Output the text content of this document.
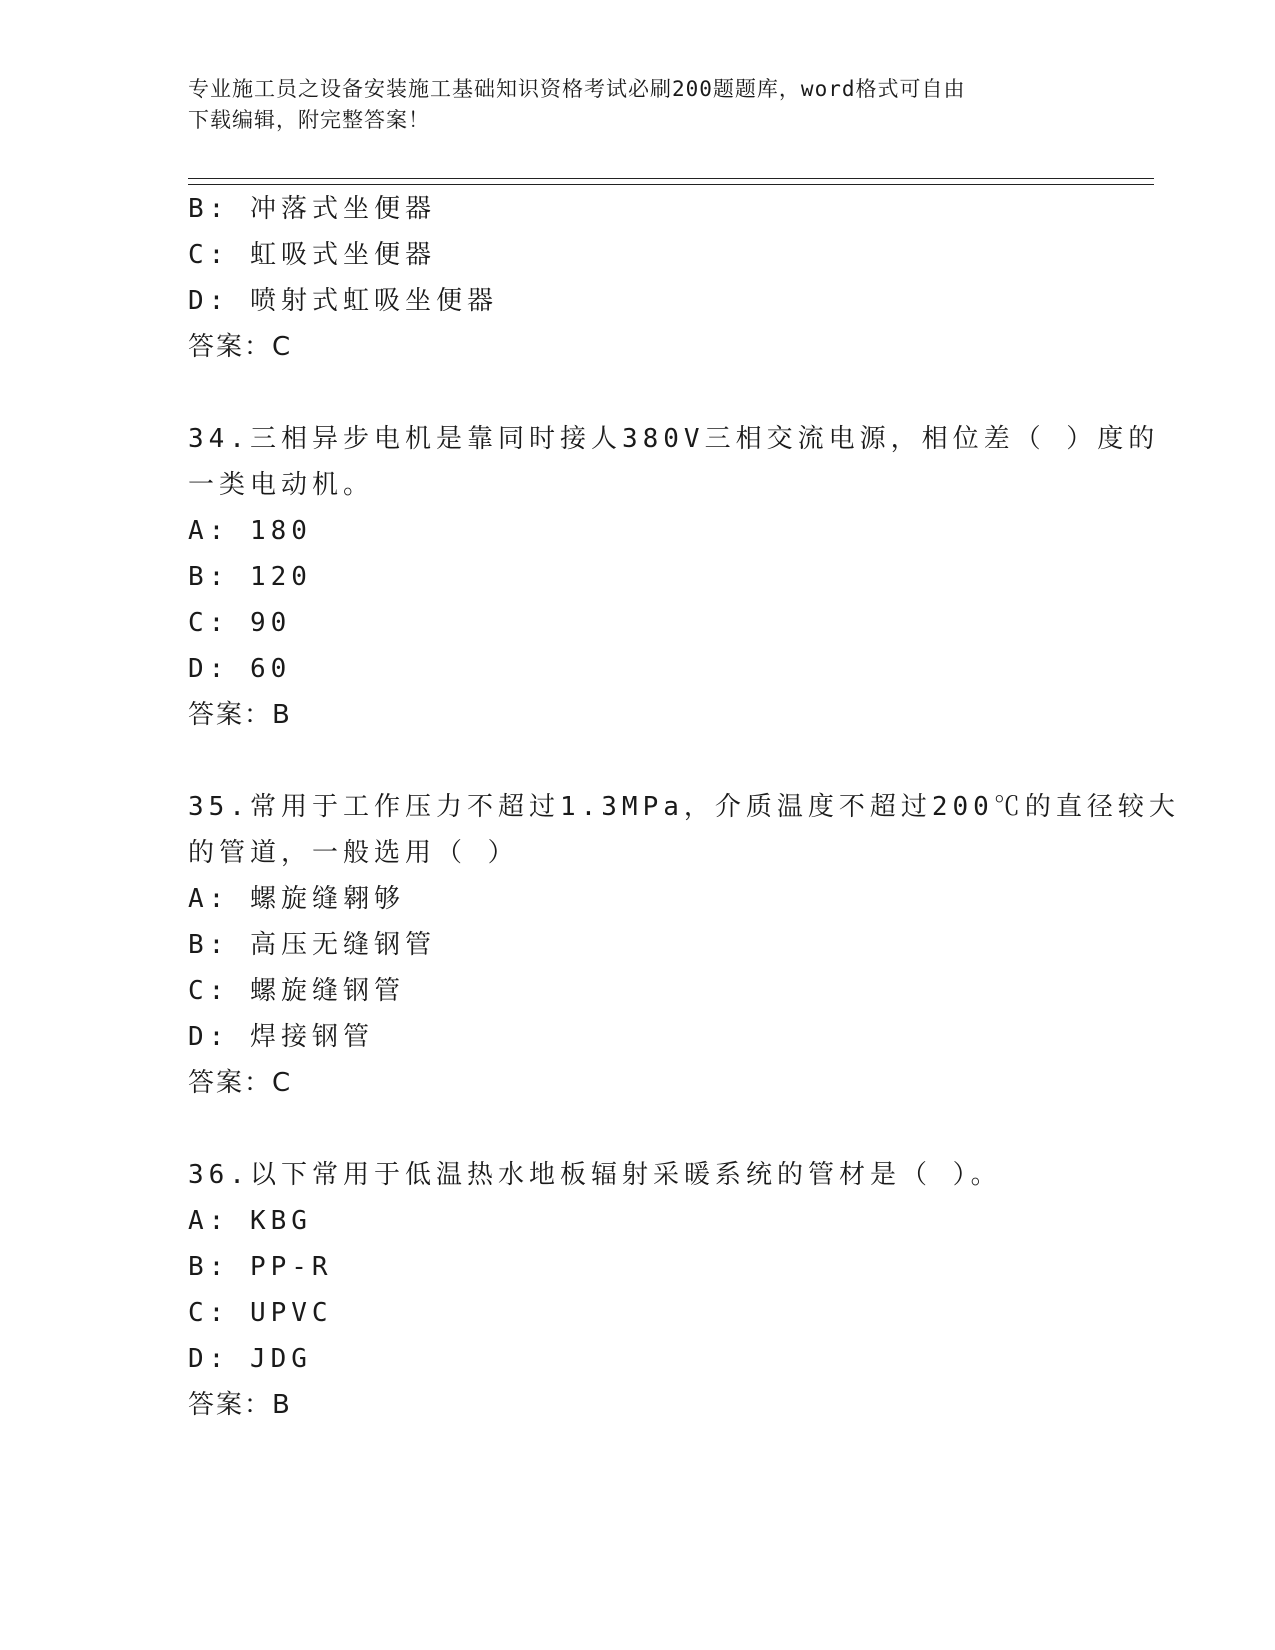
专业施工员之设备安装施工基础知识资格考试必刷200题题库，word格式可自由
下载编辑，附完整答案！
B: 冲落式坐便器
C: 虹吸式坐便器
D: 喷射式虹吸坐便器
答案：C
34.三相异步电机是靠同时接人380V三相交流电源，相位差（ ）度的
一类电动机。
A: 180
B: 120
C: 90
D: 60
答案：B
35.常用于工作压力不超过1.3MPa，介质温度不超过200℃的直径较大
的管道，一般选用（ ）
A: 螺旋缝翱够
B: 高压无缝钢管
C: 螺旋缝钢管
D: 焊接钢管
答案：C
36.以下常用于低温热水地板辐射采暖系统的管材是（ ）。
A: KBG
B: PP-R
C: UPVC
D: JDG
答案：B
